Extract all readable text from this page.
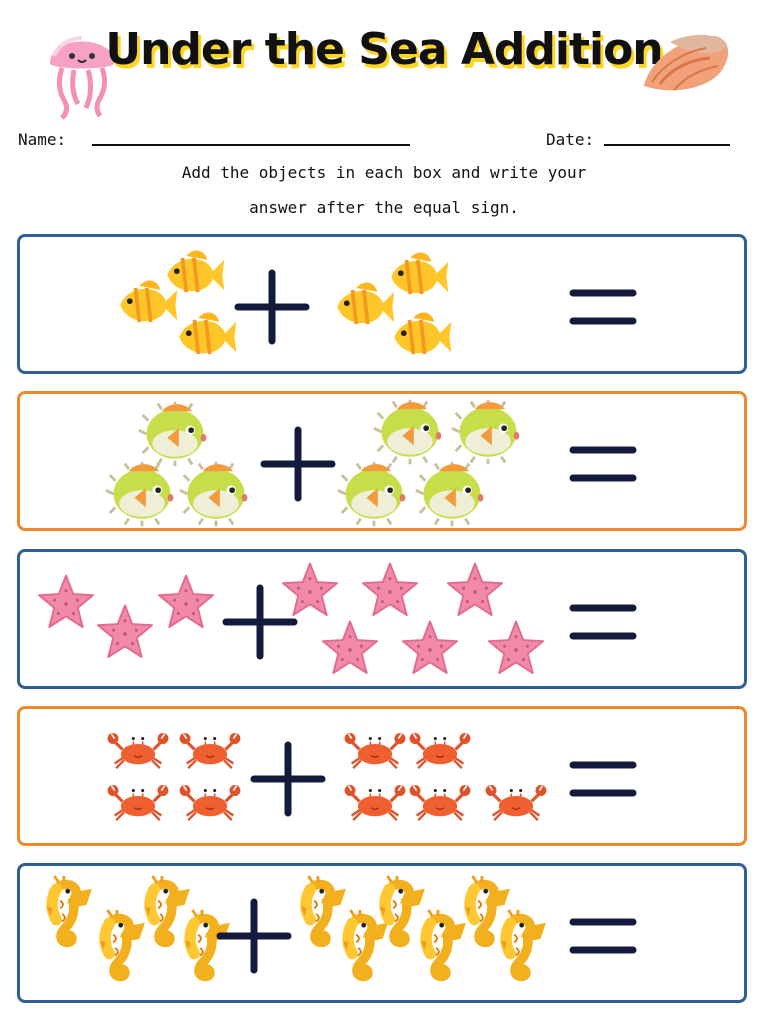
Under the Sea Addition
Name:	Date:
Add the objects in each box and write your
answer after the equal sign.
